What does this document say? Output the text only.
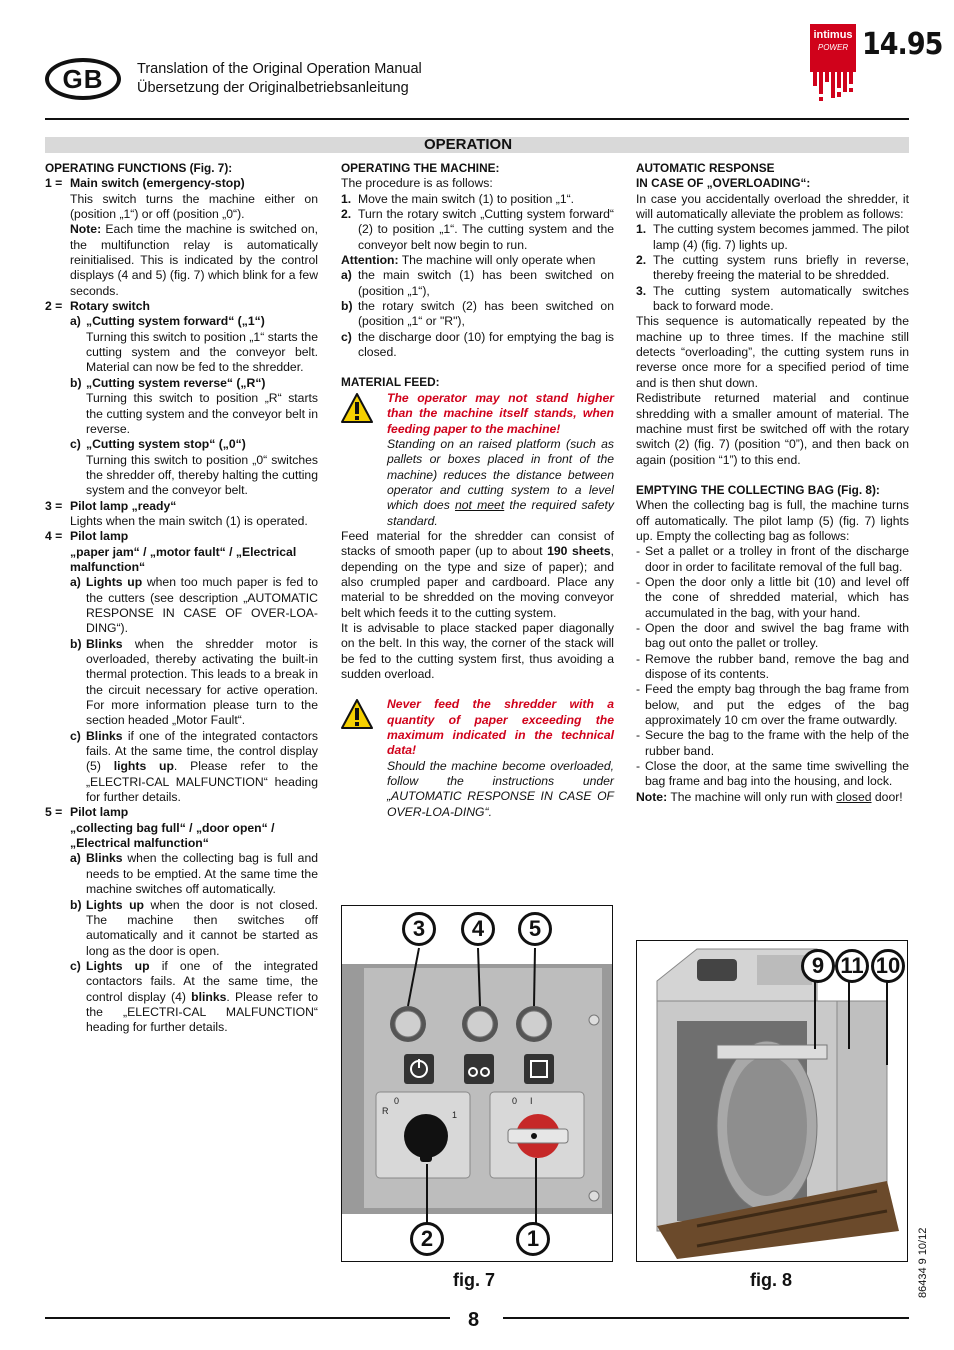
GB	Translation of the Original Operation Manual
Übersetzung der Originalbetriebsanleitung
intimus
POWER 14.95
OPERATION

OPERATING FUNCTIONS (Fig. 7):

1 = Main switch (emergency-stop)

This switch turns the machine either on (position „1“) or off (position „0“).
Note: Each time the machine is switched on, the multifunction relay is automatically reinitialised. This is indicated by the control displays (4 and 5) (fig. 7) which blink for a few seconds.

2 = Rotary switch
a) „Cutting system forward“ („1“)

Turning this switch to position „1“ starts the cutting system and the conveyor belt. Material can now be fed to the shredder.

b) „Cutting system reverse“ („R“)

Turning this switch to position „R“ starts the cutting system and the conveyor belt in reverse.

c) „Cutting system stop“ („0“)

Turning this switch to position „0“ switches the shredder off, thereby halting the cutting system and the conveyor belt.

3 = Pilot lamp „ready“

Lights when the main switch (1) is operated.

4 = Pilot lamp

„paper jam“ / „motor fault“ / „Electrical malfunction“

a) Lights up when too much paper is fed to the cutters (see description „AUTOMATIC RESPONSE IN CASE OF OVER-LOA-DING“).
b) Blinks when the shredder motor is overloaded, thereby activating the built-in thermal protection. This leads to a break in the circuit necessary for active operation. For more information please turn to the section headed „Motor Fault“.
c) Blinks if one of the integrated contactors fails. At the same time, the control display (5) lights up. Please refer to the „ELECTRI-CAL MALFUNCTION“ heading for further details.
5 = Pilot lamp

„collecting bag full“ / „door open“ / „Electrical malfunction“

a) Blinks when the collecting bag is full and needs to be emptied. At the same time the machine switches off automatically.
b) Lights up when the door is not closed. The machine then switches off automatically and it cannot be started as long as the door is open.
c) Lights up if one of the integrated contactors fails. At the same time, the control display (4) blinks. Please refer to the „ELECTRI-CAL MALFUNCTION“ heading for further details.

OPERATING THE MACHINE:

The procedure is as follows:

1. Move the main switch (1) to position „1“.
2. Turn the rotary switch „Cutting system forward“ (2) to position „1“. The cutting system and the conveyor belt now begin to run.

Attention: The machine will only operate when

a) the main switch (1) has been switched on (position „1“),
b) the rotary switch (2) has been switched on (position „1“ or "R"),
c) the discharge door (10) for emptying the bag is closed.

MATERIAL FEED:

The operator may not stand higher than the machine itself stands, when feeding paper to the machine!

Standing on an raised platform (such as pallets or boxes placed in front of the machine) reduces the distance between operator and cutting system to a level which does not meet the required safety standard.

Feed material for the shredder can consist of stacks of smooth paper (up to about 190 sheets, depending on the type and size of paper); and also crumpled paper and cardboard. Place any material to be shredded on the moving conveyor belt which feeds it to the cutting system.

It is advisable to place stacked paper diagonally on the belt. In this way, the corner of the stack will be fed to the cutting system first, thus avoiding a sudden overload.

Never feed the shredder with a quantity of paper exceeding the maximum indicated in the technical data!

Should the machine become overloaded, follow the instructions under „AUTOMATIC RESPONSE IN CASE OF OVER-LOA-DING“.

AUTOMATIC RESPONSE
IN CASE OF „OVERLOADING“:

In case you accidentally overload the shredder, it will automatically alleviate the problem as follows:

1. The cutting system becomes jammed. The pilot lamp (4) (fig. 7) lights up.
2. The cutting system runs briefly in reverse, thereby freeing the material to be shredded.
3. The cutting system automatically switches back to forward mode.

This sequence is automatically repeated by the machine up to three times. If the machine still detects “overloading”, the cutting system runs in reverse once more for a specified period of time and is then shut down.

Redistribute returned material and continue shredding with a smaller amount of material. The machine must first be switched off with the rotary switch (2) (fig. 7) (position “0”), and then back on again (position “1”) to this end.

EMPTYING THE COLLECTING BAG (Fig. 8):

When the collecting bag is full, the machine turns off automatically. The pilot lamp (5) (fig. 7) lights up. Empty the collecting bag as follows:

- Set a pallet or a trolley in front of the discharge door in order to facilitate removal of the full bag.
- Open the door only a little bit (10) and level off the cone of shredded material, which has accumulated in the bag, with your hand.
- Open the door and swivel the bag frame with bag out onto the pallet or trolley.
- Remove the rubber band, remove the bag and dispose of its contents.
- Feed the empty bag through the bag frame from below, and put the edges of the bag approximately 10 cm over the frame outwardly.
- Secure the bag to the frame with the help of the rubber band.
- Close the door, at the same time swivelling the bag frame and bag into the housing, and lock.

Note: The machine will only run with closed door!

0
R	1
0 I
3	4	5
2	1
fig. 7
9 11 10
fig. 8	86434 9 10/12
8
